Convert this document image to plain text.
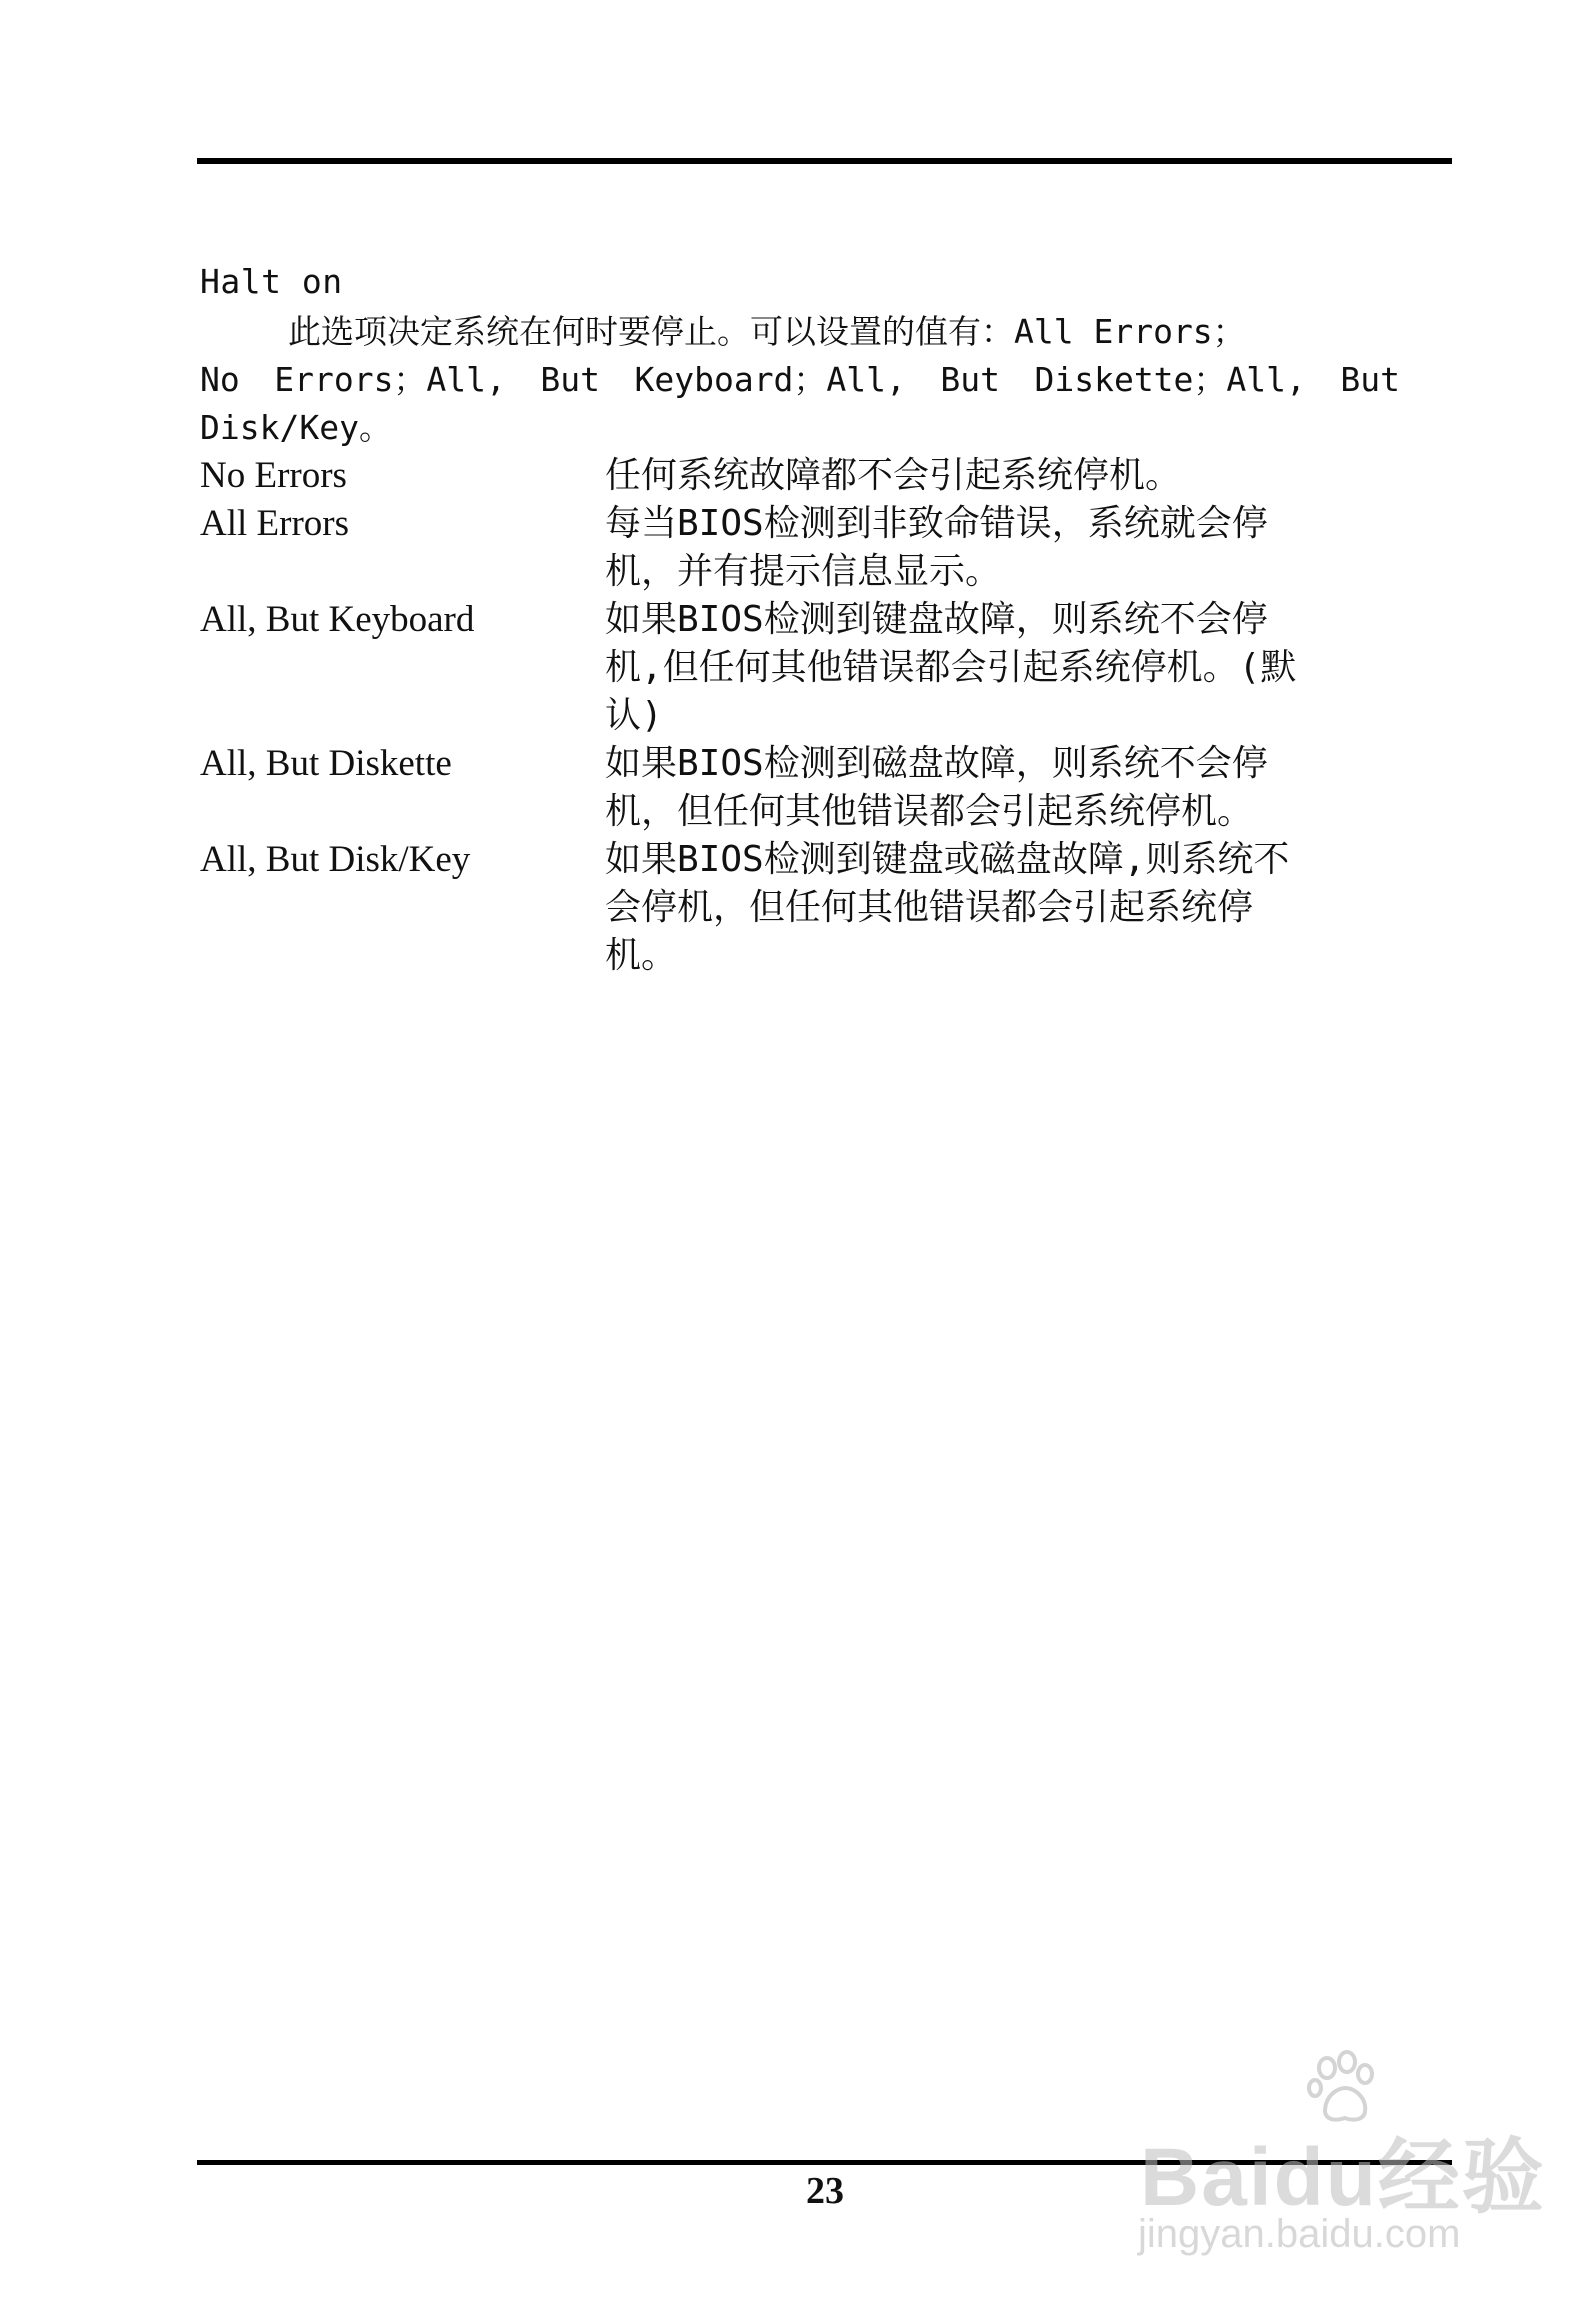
Halt on
此选项决定系统在何时要停止。可以设置的值有：All Errors；
No Errors；All, But Keyboard；All, But Diskette；All, But
Disk/Key。
No Errors	任何系统故障都不会引起系统停机。
All Errors	每当BIOS检测到非致命错误，系统就会停
机，并有提示信息显示。
All, But Keyboard	如果BIOS检测到键盘故障，则系统不会停
机,但任何其他错误都会引起系统停机。(默
认)
All, But Diskette	如果BIOS检测到磁盘故障，则系统不会停
机，但任何其他错误都会引起系统停机。
All, But Disk/Key	如果BIOS检测到键盘或磁盘故障,则系统不
会停机，但任何其他错误都会引起系统停
机。
23	Baidu经验
jingyan.baidu.com
